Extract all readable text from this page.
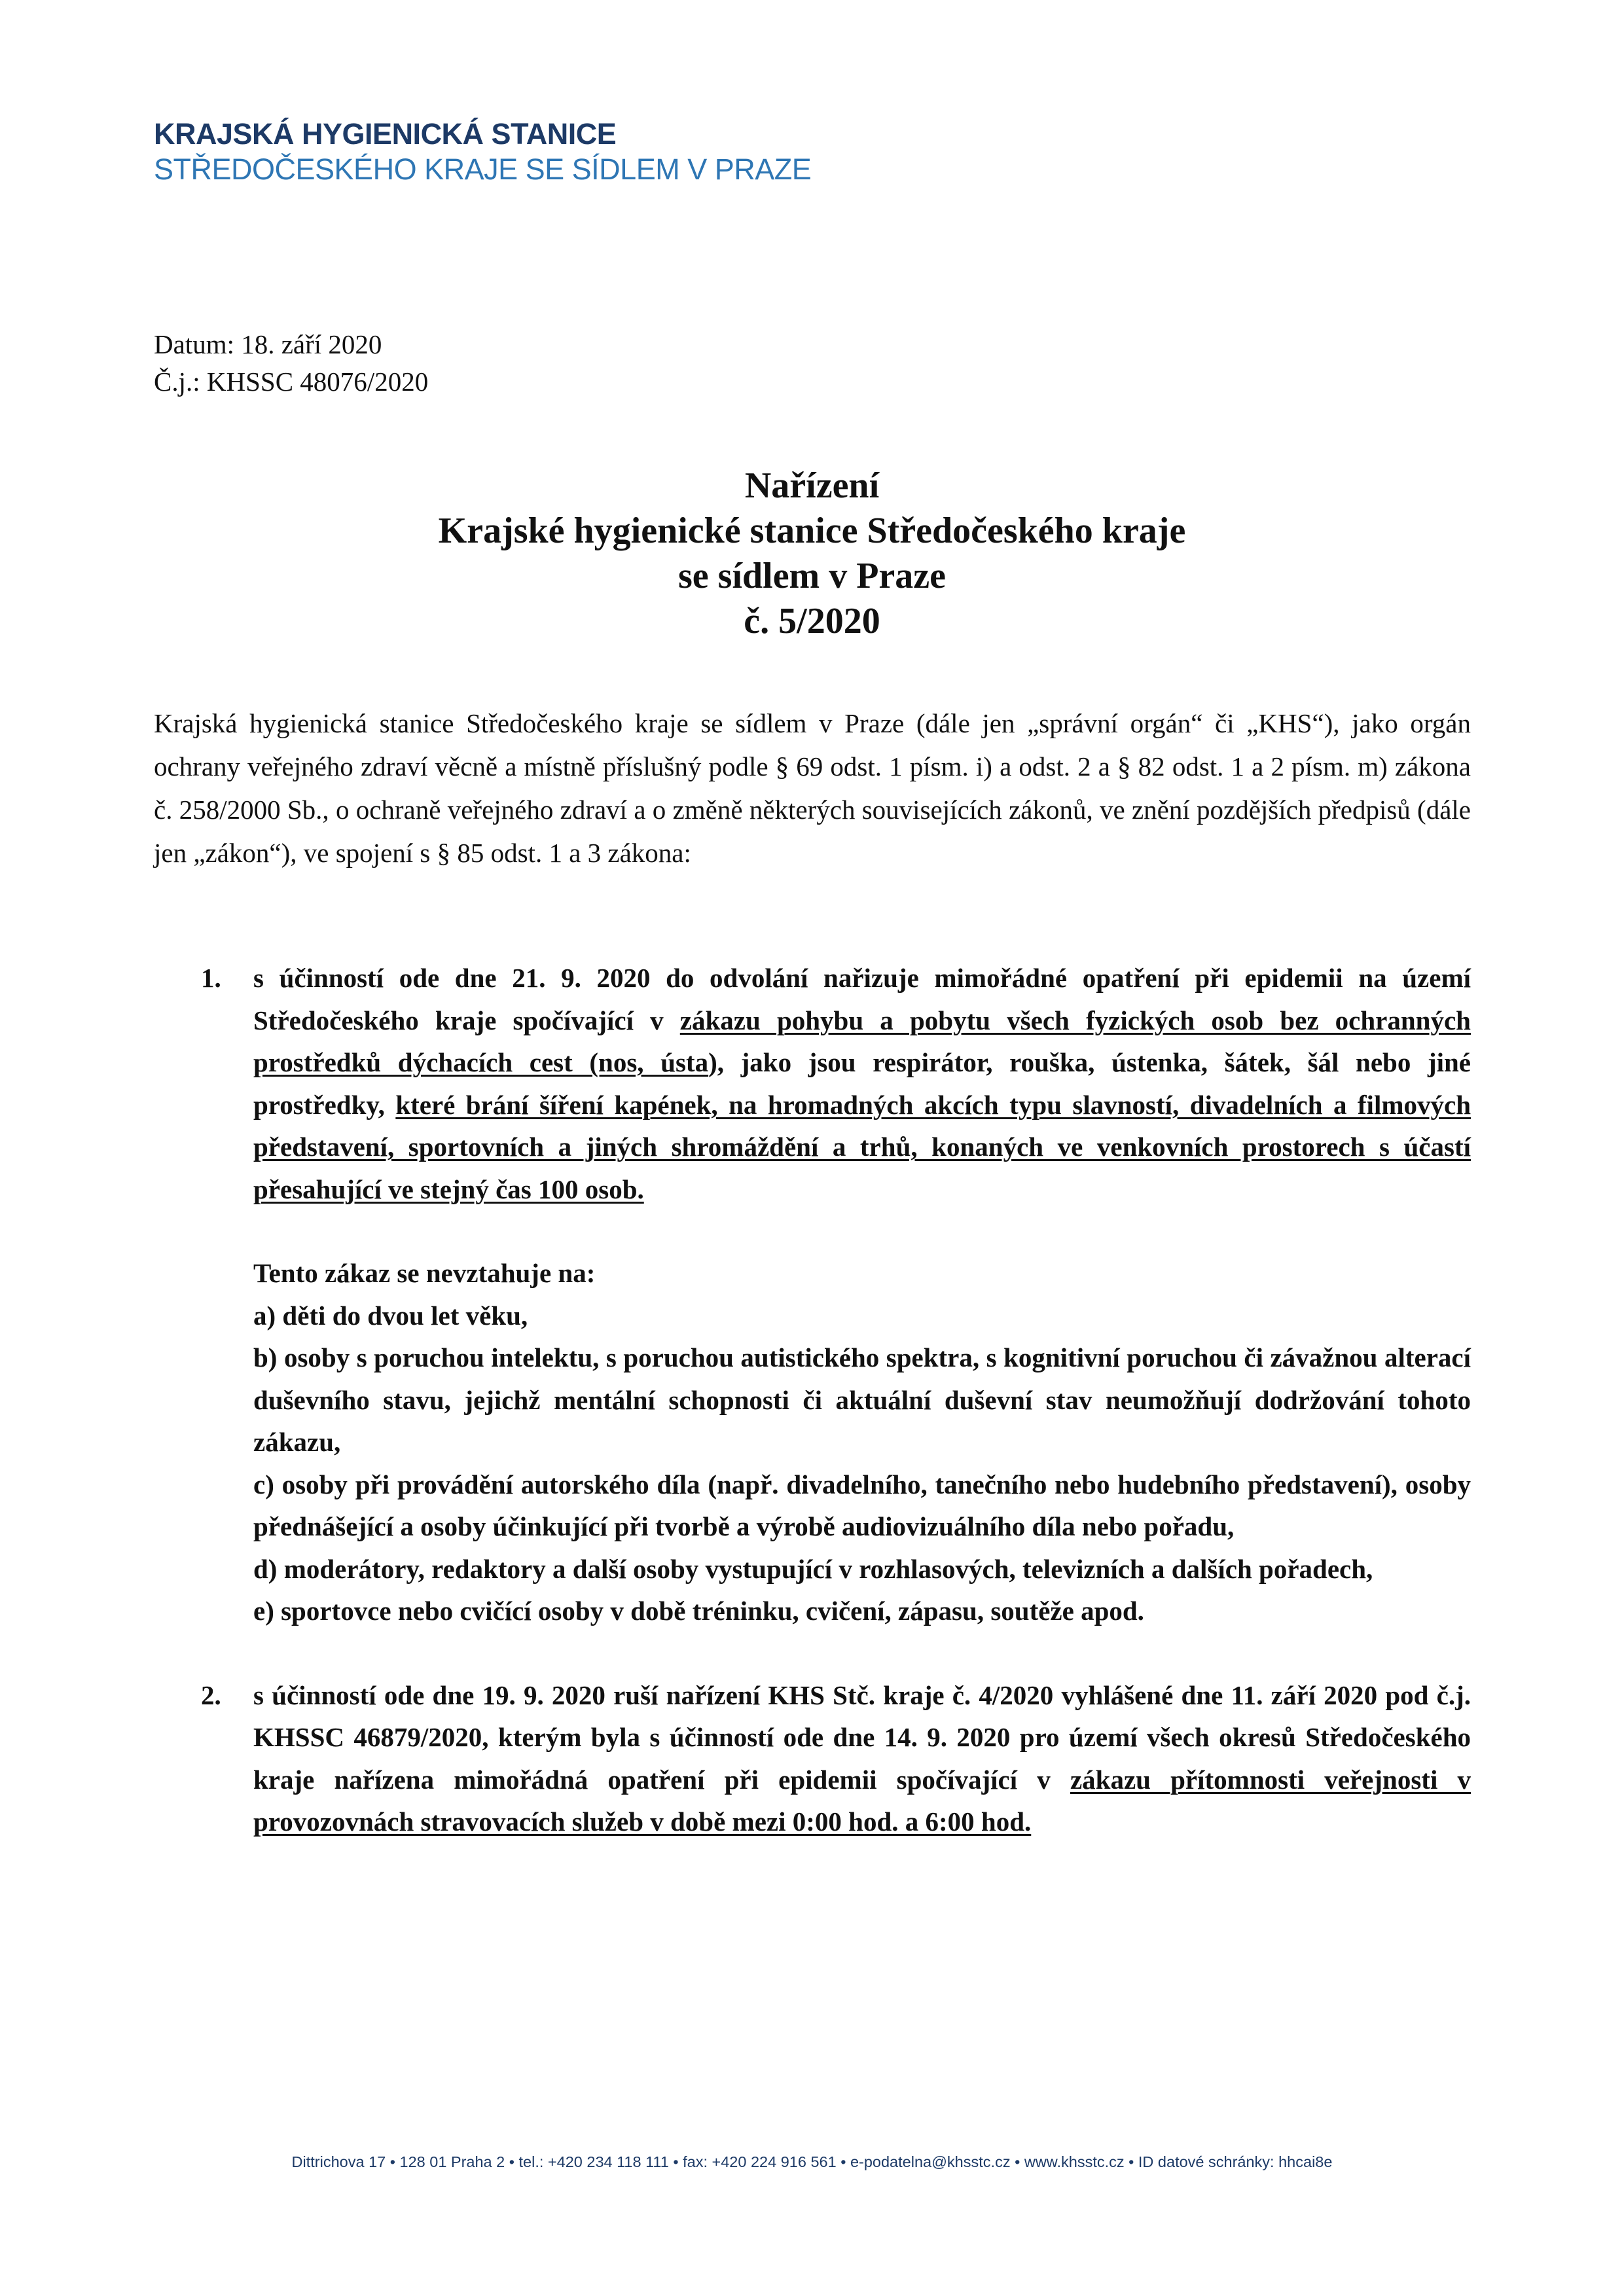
KRAJSKÁ HYGIENICKÁ STANICE
STŘEDOČESKÉHO KRAJE SE SÍDLEM V PRAZE
Datum: 18. září 2020
Č.j.: KHSSC 48076/2020
Nařízení
Krajské hygienické stanice Středočeského kraje
se sídlem v Praze
č. 5/2020
Krajská hygienická stanice Středočeského kraje se sídlem v Praze (dále jen „správní orgán“ či „KHS“), jako orgán ochrany veřejného zdraví věcně a místně příslušný podle § 69 odst. 1 písm. i) a odst. 2 a § 82 odst. 1 a 2 písm. m) zákona č. 258/2000 Sb., o ochraně veřejného zdraví a o změně některých souvisejících zákonů, ve znění pozdějších předpisů (dále jen „zákon“), ve spojení s § 85 odst. 1 a 3 zákona:
1. s účinností ode dne 21. 9. 2020 do odvolání nařizuje mimořádné opatření při epidemii na území Středočeského kraje spočívající v zákazu pohybu a pobytu všech fyzických osob bez ochranných prostředků dýchacích cest (nos, ústa), jako jsou respirátor, rouška, ústenka, šátek, šál nebo jiné prostředky, které brání šíření kapének, na hromadných akcích typu slavností, divadelních a filmových představení, sportovních a jiných shromáždění a trhů, konaných ve venkovních prostorech s účastí přesahující ve stejný čas 100 osob.
Tento zákaz se nevztahuje na:
a) děti do dvou let věku,
b) osoby s poruchou intelektu, s poruchou autistického spektra, s kognitivní poruchou či závažnou alterací duševního stavu, jejichž mentální schopnosti či aktuální duševní stav neumožňují dodržování tohoto zákazu,
c) osoby při provádění autorského díla (např. divadelního, tanečního nebo hudebního představení), osoby přednášející a osoby účinkující při tvorbě a výrobě audiovizuálního díla nebo pořadu,
d) moderátory, redaktory a další osoby vystupující v rozhlasových, televizních a dalších pořadech,
e) sportovce nebo cvičící osoby v době tréninku, cvičení, zápasu, soutěže apod.
2. s účinností ode dne 19. 9. 2020 ruší nařízení KHS Stč. kraje č. 4/2020 vyhlášené dne 11. září 2020 pod č.j. KHSSC 46879/2020, kterým byla s účinností ode dne 14. 9. 2020 pro území všech okresů Středočeského kraje nařízena mimořádná opatření při epidemii spočívající v zákazu přítomnosti veřejnosti v provozovnách stravovacích služeb v době mezi 0:00 hod. a 6:00 hod.
Dittrichova 17 • 128 01 Praha 2 • tel.: +420 234 118 111 • fax: +420 224 916 561 • e-podatelna@khsstc.cz • www.khsstc.cz • ID datové schránky: hhcai8e
